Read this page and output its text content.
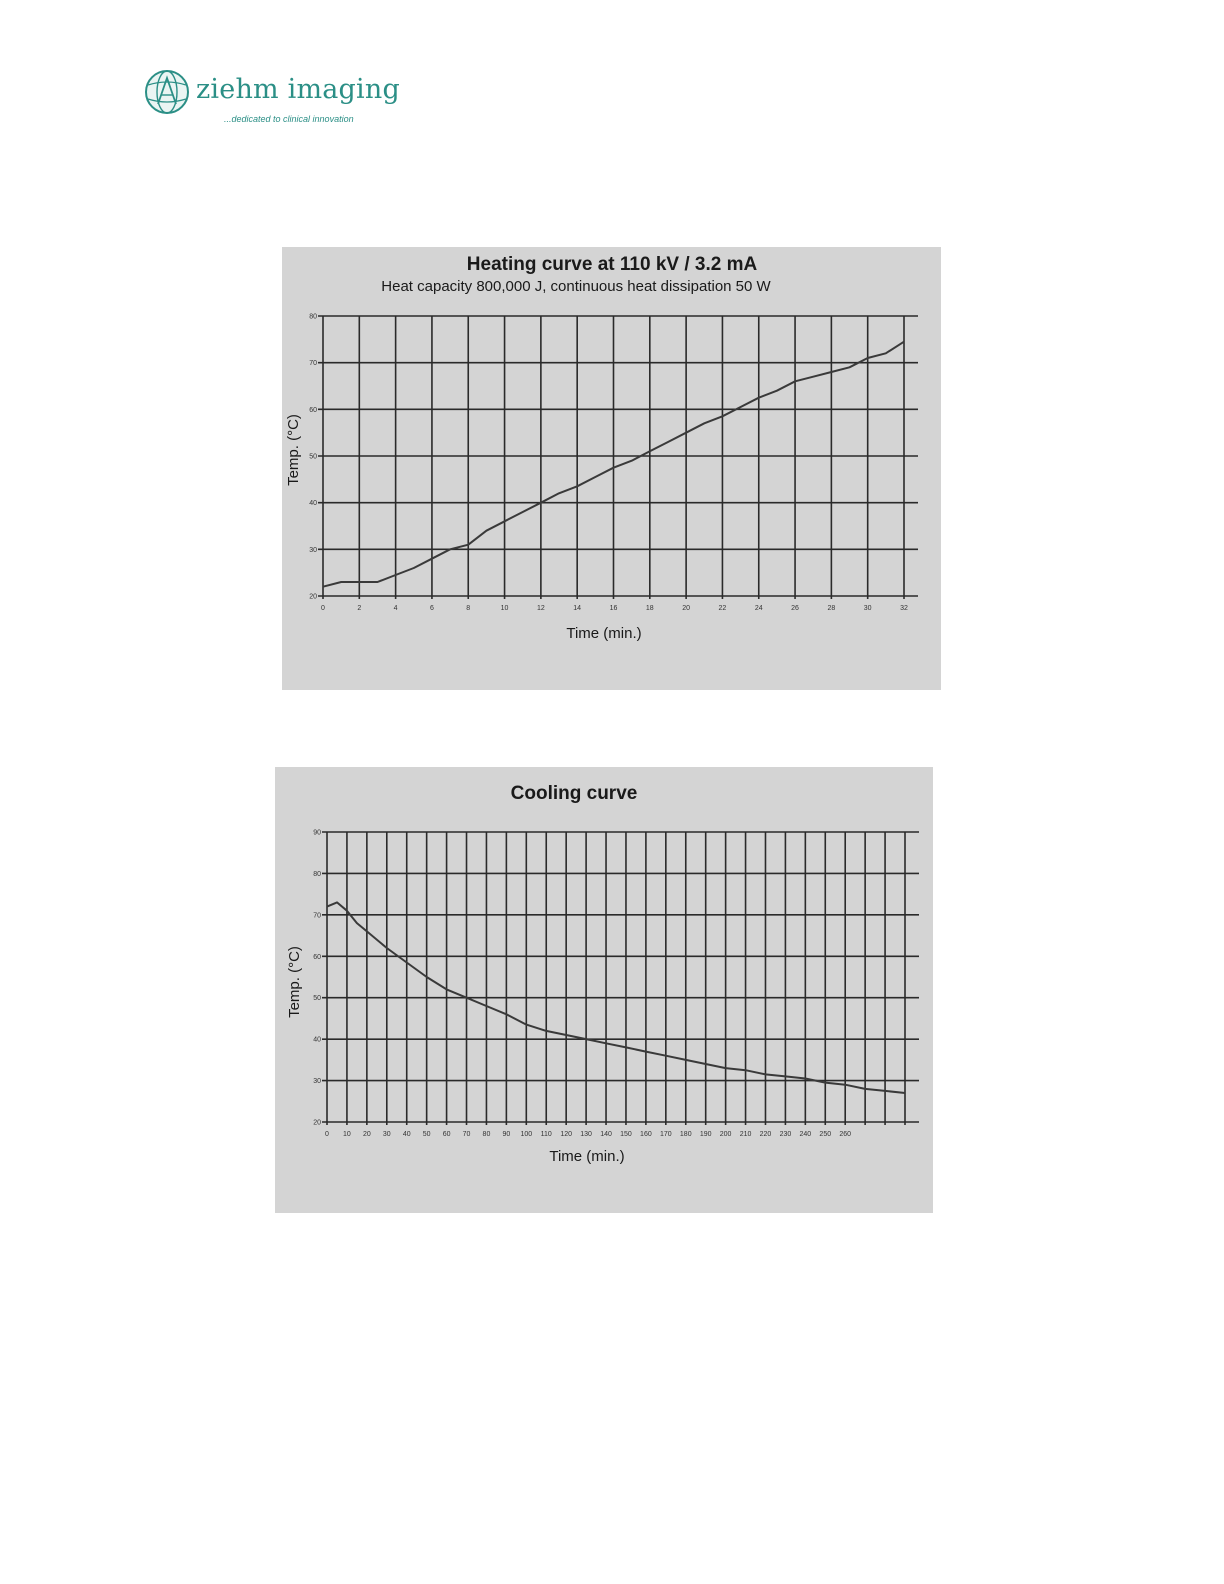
ziehm imaging
...dedicated to clinical innovation
Heating curve at 110 kV / 3.2 mA
Heat capacity 800,000 J, continuous heat dissipation 50 W
0	2	4	6	8	10	12	14	16	18	20	22	24	26	28	30	32
20
30
40
50
60
70
80
Time (min.)
Temp. (°C)
Cooling curve
0 10 20 30 40 50 60 70 80 90 100 110 120 130 140 150 160 170 180 190 200 210 220 230 240 250 260
20
30
40
50
60
70
80
90
Time (min.)
Temp. (°C)
